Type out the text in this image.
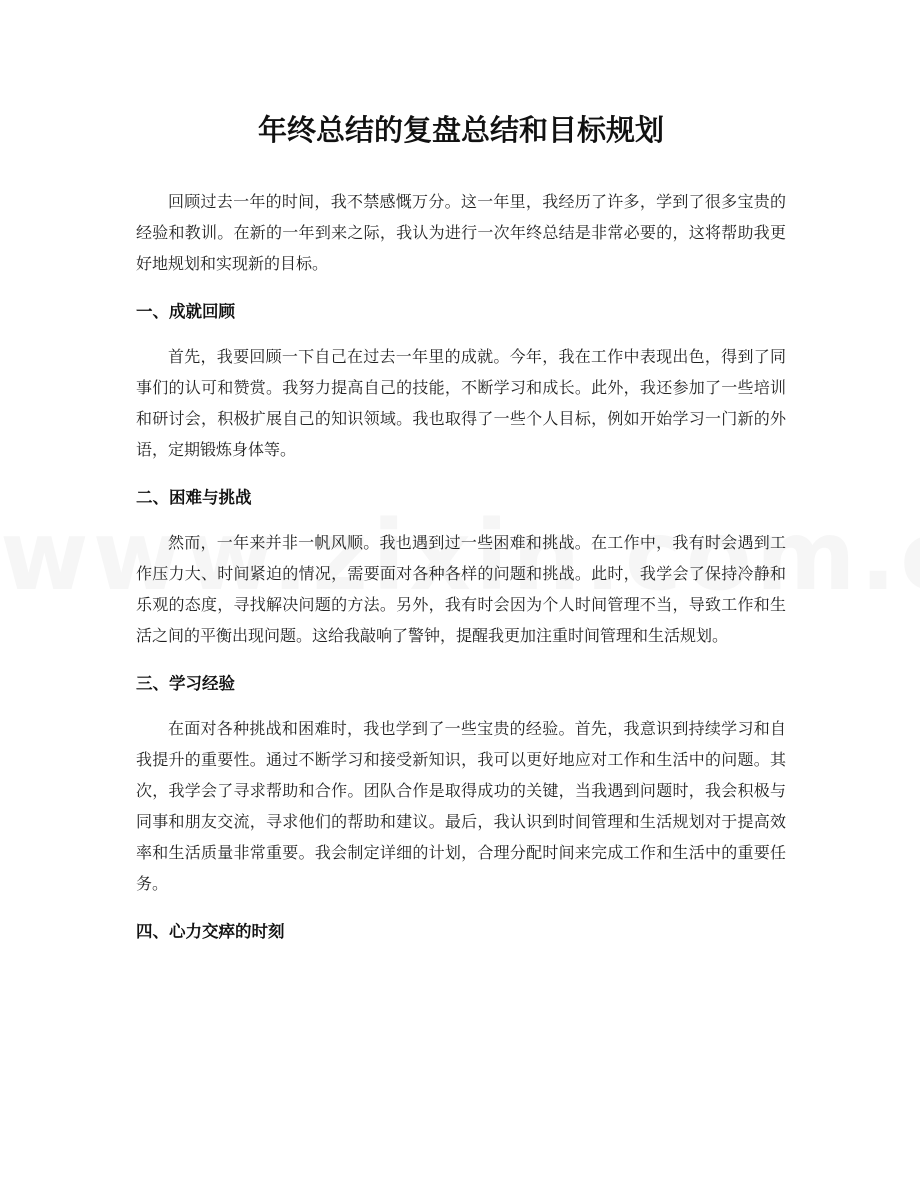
年终总结的复盘总结和目标规划

回顾过去一年的时间，我不禁感慨万分。这一年里，我经历了许多，学到了很多宝贵的经验和教训。在新的一年到来之际，我认为进行一次年终总结是非常必要的，这将帮助我更好地规划和实现新的目标。

一、成就回顾

首先，我要回顾一下自己在过去一年里的成就。今年，我在工作中表现出色，得到了同事们的认可和赞赏。我努力提高自己的技能，不断学习和成长。此外，我还参加了一些培训和研讨会，积极扩展自己的知识领域。我也取得了一些个人目标，例如开始学习一门新的外语，定期锻炼身体等。

二、困难与挑战

然而，一年来并非一帆风顺。我也遇到过一些困难和挑战。在工作中，我有时会遇到工作压力大、时间紧迫的情况，需要面对各种各样的问题和挑战。此时，我学会了保持冷静和乐观的态度，寻找解决问题的方法。另外，我有时会因为个人时间管理不当，导致工作和生活之间的平衡出现问题。这给我敲响了警钟，提醒我更加注重时间管理和生活规划。

三、学习经验

在面对各种挑战和困难时，我也学到了一些宝贵的经验。首先，我意识到持续学习和自我提升的重要性。通过不断学习和接受新知识，我可以更好地应对工作和生活中的问题。其次，我学会了寻求帮助和合作。团队合作是取得成功的关键，当我遇到问题时，我会积极与同事和朋友交流，寻求他们的帮助和建议。最后，我认识到时间管理和生活规划对于提高效率和生活质量非常重要。我会制定详细的计划，合理分配时间来完成工作和生活中的重要任务。

四、心力交瘁的时刻
